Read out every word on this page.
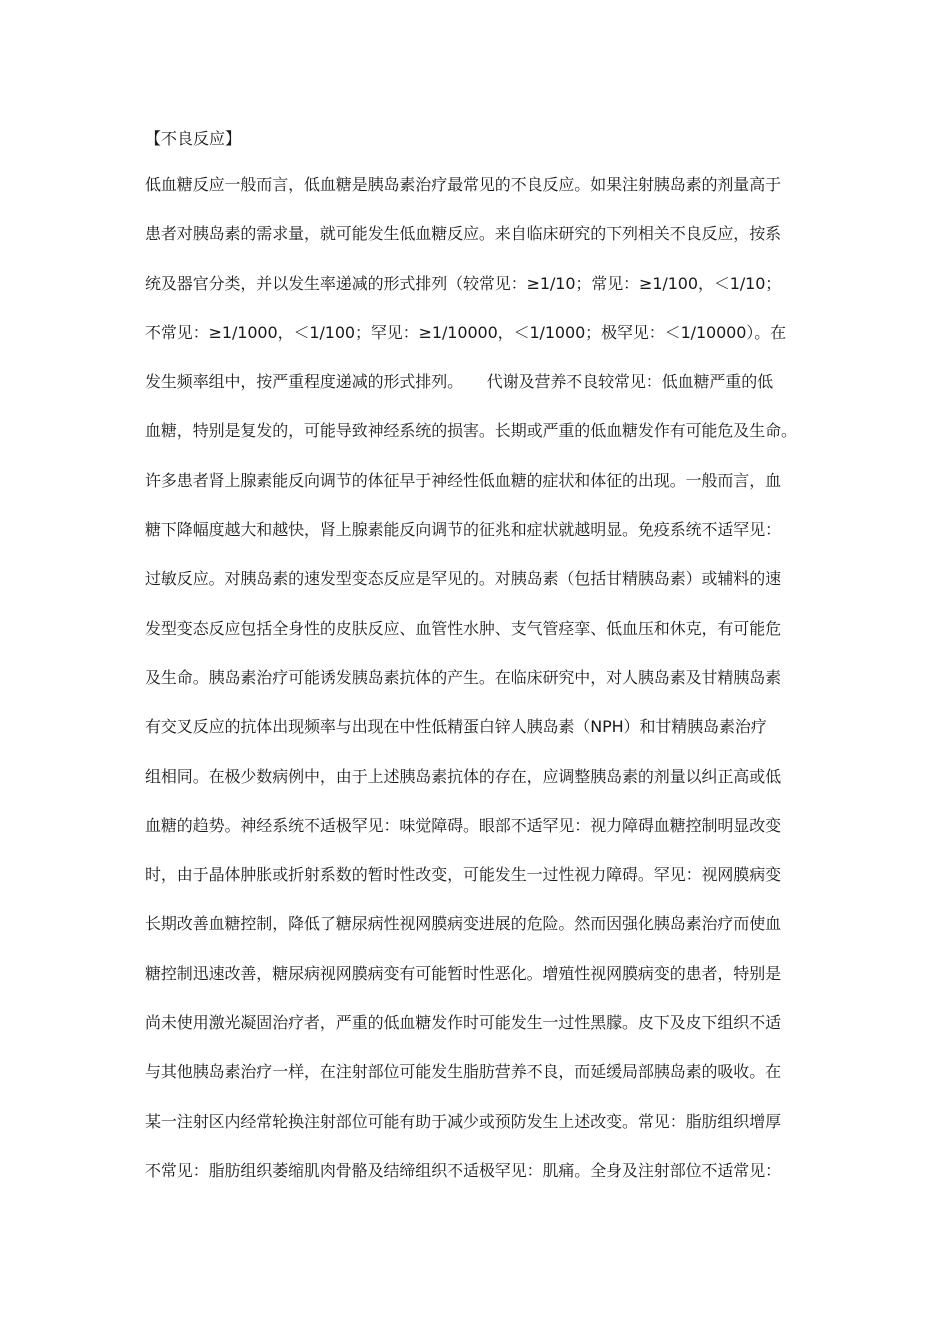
【不良反应】
低血糖反应一般而言，低血糖是胰岛素治疗最常见的不良反应。如果注射胰岛素的剂量高于
患者对胰岛素的需求量，就可能发生低血糖反应。来自临床研究的下列相关不良反应，按系
统及器官分类，并以发生率递减的形式排列（较常见：≥1/10；常见：≥1/100，＜1/10；
不常见：≥1/1000，＜1/100；罕见：≥1/10000，＜1/1000；极罕见：＜1/10000）。在
发生频率组中，按严重程度递减的形式排列。　　代谢及营养不良较常见：低血糖严重的低
血糖，特别是复发的，可能导致神经系统的损害。长期或严重的低血糖发作有可能危及生命。
许多患者肾上腺素能反向调节的体征早于神经性低血糖的症状和体征的出现。一般而言，血
糖下降幅度越大和越快，肾上腺素能反向调节的征兆和症状就越明显。免疫系统不适罕见：
过敏反应。对胰岛素的速发型变态反应是罕见的。对胰岛素（包括甘精胰岛素）或辅料的速
发型变态反应包括全身性的皮肤反应、血管性水肿、支气管痉挛、低血压和休克，有可能危
及生命。胰岛素治疗可能诱发胰岛素抗体的产生。在临床研究中，对人胰岛素及甘精胰岛素
有交叉反应的抗体出现频率与出现在中性低精蛋白锌人胰岛素（NPH）和甘精胰岛素治疗
组相同。在极少数病例中，由于上述胰岛素抗体的存在，应调整胰岛素的剂量以纠正高或低
血糖的趋势。神经系统不适极罕见：味觉障碍。眼部不适罕见：视力障碍血糖控制明显改变
时，由于晶体肿胀或折射系数的暂时性改变，可能发生一过性视力障碍。罕见：视网膜病变
长期改善血糖控制，降低了糖尿病性视网膜病变进展的危险。然而因强化胰岛素治疗而使血
糖控制迅速改善，糖尿病视网膜病变有可能暂时性恶化。增殖性视网膜病变的患者，特别是
尚未使用激光凝固治疗者，严重的低血糖发作时可能发生一过性黑朦。皮下及皮下组织不适
与其他胰岛素治疗一样，在注射部位可能发生脂肪营养不良，而延缓局部胰岛素的吸收。在
某一注射区内经常轮换注射部位可能有助于减少或预防发生上述改变。常见：脂肪组织增厚
不常见：脂肪组织萎缩肌肉骨骼及结缔组织不适极罕见：肌痛。全身及注射部位不适常见：
